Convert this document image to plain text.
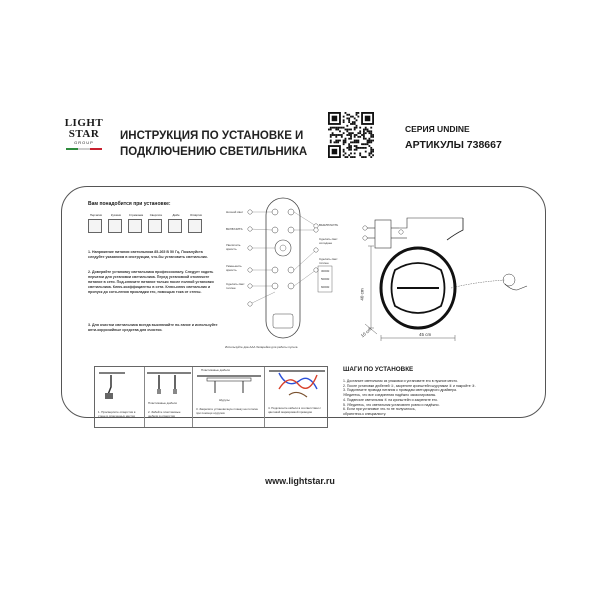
LIGHT
STAR
GROUP
ИНСТРУКЦИЯ ПО УСТАНОВКЕ И
ПОДКЛЮЧЕНИЮ СВЕТИЛЬНИКА
СЕРИЯ UNDINE
АРТИКУЛЫ 738667
Вам понадобится при установке:
Перчатки	Кусачки	Стремянка	Сверлите	Дюбе	Отвёртки
1. Напряжение питания светильника 85-265 В 50 Гц. Пожалуйста следуйте указаниям в инструкции, что-бы установить светильник.
2. Доверяйте установку светильника профессионалу. Следует ходить перчатки для установки светильника. Перед установкой отключите питание в сети. Под-ключите питание только после полной установки светильника. Ключ-коэффициенты в сети. Ключ-ключ светильник и пропуск до сото-ления прокладки его, помощью тока от стены.
3. Для очистки светильника всегда выключайте по-тание и используйте анти-коррозийные средства для очистки.
Ночной свет
ВКЛЮЧИТЬ
Увеличить яркость
Уменьшить яркость
Сделать свет теплее
ВЫКЛЮЧИТЬ
Сделать свет холоднее
Сделать свет тёплее
3000К
5000К
6000К
Используйте два ААА батарейки для работы пульта
40 cm
45 cm
10 cm
1. Просверлите отверстия в стене в отмеченных местах
Пластиковые дюбели
2. Забейте пластиковые дюбели в отверстия
Пластиковые дюбели
Шурупы
3. Закрепите установочную планку на потолке при помощи шурупов
4. Подключите кабели в соответствии с цветовой маркировкой проводов
ШАГИ ПО УСТАНОВКЕ
1. Достаньте светильник из упаковки и установите его в нужное место.
2. После установки дюбелей ①, закрепите кронштейн шурупами ② и накройте ③.
3. Подключите провода питания к проводам светодиодного драйвера.
Убедитесь, что все соединения надёжно заизолированы.
4. Подвесьте светильник ④ на кронштейн и закрепите его.
5. Убедитесь, что светильник установлен ровно и надёжно.
6. Если при установке что-то не получилось,
обратитесь к специалисту.
www.lightstar.ru
